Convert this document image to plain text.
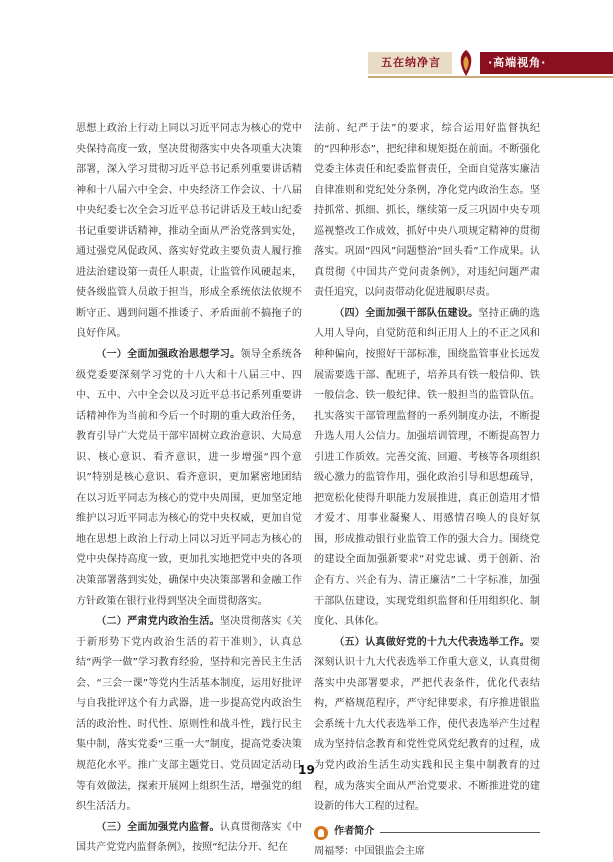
五在纳净言	·高端视角·

思想上政治上行动上同以习近平同志为核心的党中央保持高度一致，坚决贯彻落实中央各项重大决策部署，深入学习贯彻习近平总书记系列重要讲话精神和十八届六中全会、中央经济工作会议、十八届中央纪委七次全会习近平总书记讲话及王岐山纪委书记重要讲话精神，推动全面从严治党落到实处，通过强党风促政风、落实好党政主要负责人履行推进法治建设第一责任人职责，让监管作风硬起来，使各级监管人员敢于担当，形成全系统依法依规不断守正、遇到问题不推诿子、矛盾面前不搞拖子的良好作风。

（一）全面加强政治思想学习。领导全系统各级党委要深刻学习党的十八大和十八届三中、四中、五中、六中全会以及习近平总书记系列重要讲话精神作为当前和今后一个时期的重大政治任务，教育引导广大党员干部牢固树立政治意识、大局意识、核心意识、看齐意识，进一步增强“四个意识”特别是核心意识、看齐意识，更加紧密地团结在以习近平同志为核心的党中央周围，更加坚定地维护以习近平同志为核心的党中央权威，更加自觉地在思想上政治上行动上同以习近平同志为核心的党中央保持高度一致，更加扎实地把党中央的各项决策部署落到实处，确保中央决策部署和金融工作方针政策在银行业得到坚决全面贯彻落实。

（二）严肃党内政治生活。坚决贯彻落实《关于新形势下党内政治生活的若干准则》，认真总结“两学一做”学习教育经验，坚持和完善民主生活会、“三会一课”等党内生活基本制度，运用好批评与自我批评这个有力武器，进一步提高党内政治生活的政治性、时代性、原则性和战斗性，践行民主集中制，落实党委“三重一大”制度，提高党委决策规范化水平。推广支部主题党日、党员固定活动日等有效做法，探索开展网上组织生活，增强党的组织生活活力。

（三）全面加强党内监督。认真贯彻落实《中国共产党党内监督条例》，按照“纪法分开、纪在

法前、纪严于法”的要求，综合运用好监督执纪的“四种形态”，把纪律和规矩挺在前面。不断强化党委主体责任和纪委监督责任，全面自觉落实廉洁自律准则和党纪处分条例，净化党内政治生态。坚持抓常、抓细、抓长，继续第一反三巩固中央专项巡视整改工作成效，抓好中央八项规定精神的贯彻落实。巩固“四风”问题整治“回头看”工作成果。认真贯彻《中国共产党问责条例》，对违纪问题严肃责任追究，以问责带动化促进履职尽责。

（四）全面加强干部队伍建设。坚持正确的选人用人导向，自觉防范和纠正用人上的不正之风和种种偏向，按照好干部标准，围绕监管事业长远发展需要选干部、配班子，培养具有铁一般信仰、铁一般信念、铁一般纪律、铁一般担当的监管队伍。扎实落实干部管理监督的一系列制度办法，不断提升选人用人公信力。加强培训管理，不断提高智力引进工作质效。完善交流、回避、考核等各项组织级心激力的监管作用，强化政治引导和思想疏导，把宽松化使得升职能力发展推进，真正创造用才惜才爱才、用事业凝聚人、用感情召唤人的良好氛围，形成推动银行业监管工作的强大合力。围绕党的建设全面加强新要求“对党忠诚、勇于创新、治企有方、兴企有为、清正廉洁”二十字标准，加强干部队伍建设，实现党组织监督和任用组织化、制度化、具体化。

（五）认真做好党的十九大代表选举工作。要深刻认识十九大代表选举工作重大意义，认真贯彻落实中央部署要求，严把代表条件，优化代表结构，严格规范程序，严守纪律要求，有序推进银监会系统十九大代表选举工作，使代表选举产生过程成为坚持信念教育和党性党风党纪教育的过程，成为党内政治生活生动实践和民主集中制教育的过程，成为落实全面从严治党要求、不断推进党的建设新的伟大工程的过程。

作者简介
周福琴：中国银监会主席
19
